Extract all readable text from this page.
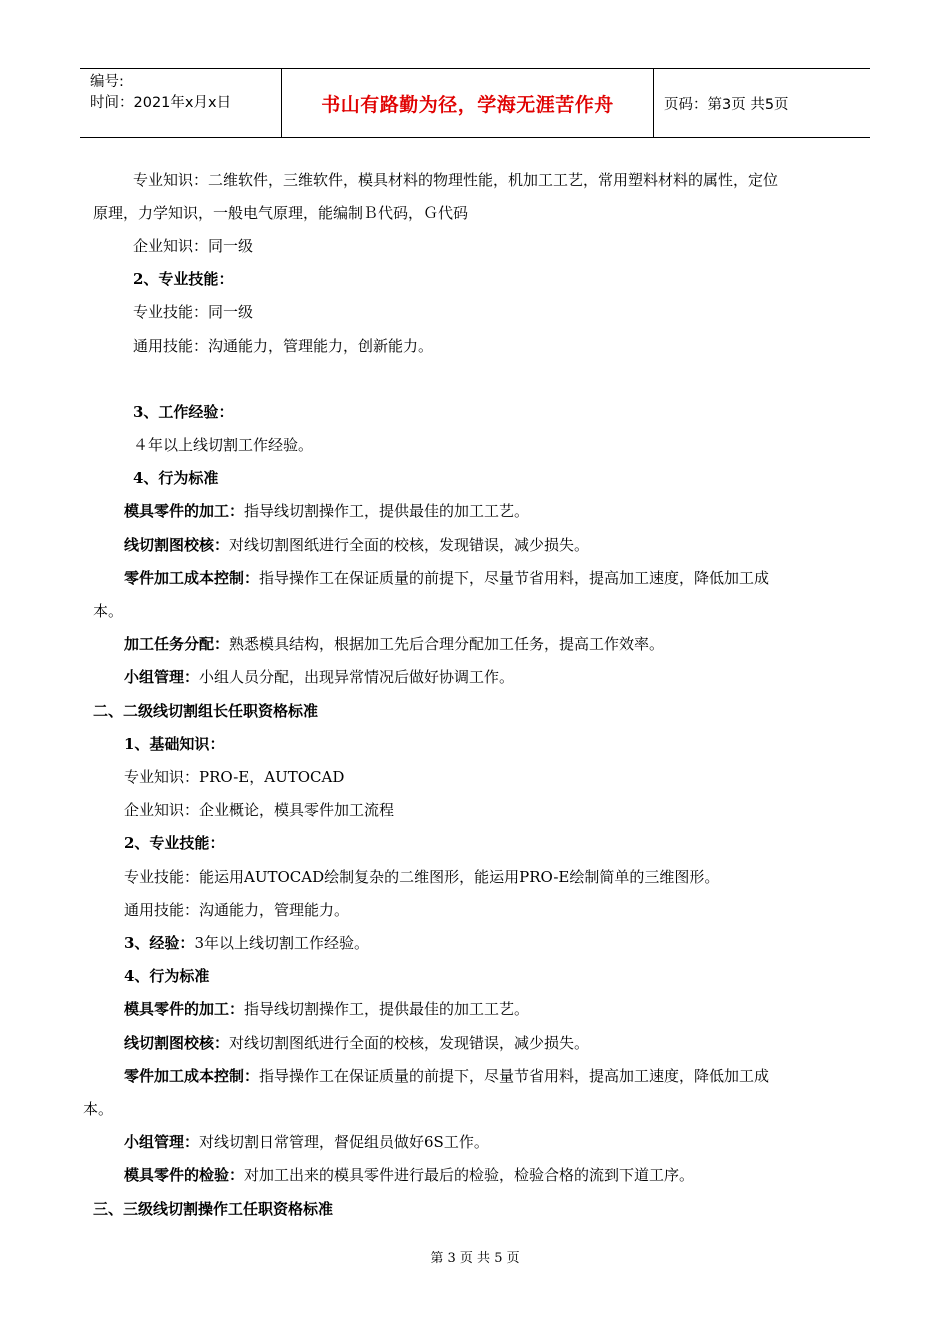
编号:
时间：2021年x月x日	书山有路勤为径，学海无涯苦作舟	页码：第3页 共5页
专业知识：二维软件，三维软件，模具材料的物理性能，机加工工艺，常用塑料材料的属性，定位
原理，力学知识，一般电气原理，能编制Ｂ代码，Ｇ代码
企业知识：同一级
2、专业技能：
专业技能：同一级
通用技能：沟通能力，管理能力，创新能力。
3、工作经验：
４年以上线切割工作经验。
4、行为标准
模具零件的加工：指导线切割操作工，提供最佳的加工工艺。
线切割图校核：对线切割图纸进行全面的校核，发现错误，减少损失。
零件加工成本控制：指导操作工在保证质量的前提下，尽量节省用料，提高加工速度，降低加工成
本。
加工任务分配：熟悉模具结构，根据加工先后合理分配加工任务，提高工作效率。
小组管理：小组人员分配，出现异常情况后做好协调工作。
二、二级线切割组长任职资格标准
1、基础知识：
专业知识：PRO-E，AUTOCAD
企业知识：企业概论，模具零件加工流程
2、专业技能：
专业技能：能运用AUTOCAD绘制复杂的二维图形，能运用PRO-E绘制简单的三维图形。
通用技能：沟通能力，管理能力。
3、经验：3年以上线切割工作经验。
4、行为标准
模具零件的加工：指导线切割操作工，提供最佳的加工工艺。
线切割图校核：对线切割图纸进行全面的校核，发现错误，减少损失。
零件加工成本控制：指导操作工在保证质量的前提下，尽量节省用料，提高加工速度，降低加工成
本。
小组管理：对线切割日常管理，督促组员做好6S工作。
模具零件的检验：对加工出来的模具零件进行最后的检验，检验合格的流到下道工序。
三、三级线切割操作工任职资格标准
第 3 页 共 5 页
